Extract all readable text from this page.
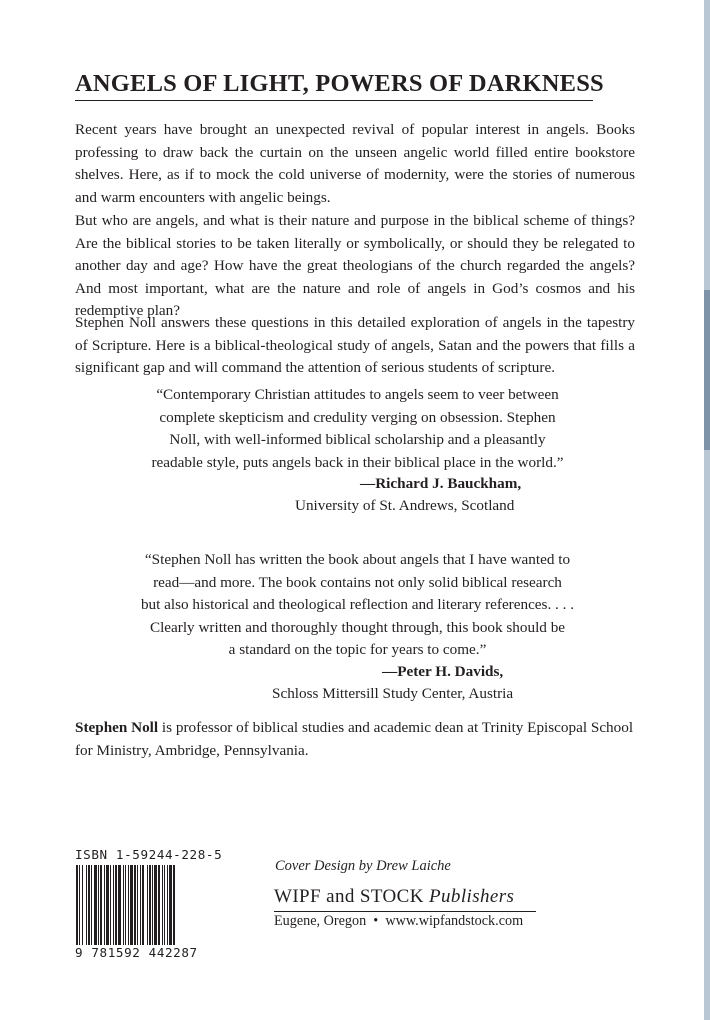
ANGELS OF LIGHT, POWERS OF DARKNESS
Recent years have brought an unexpected revival of popular interest in angels. Books professing to draw back the curtain on the unseen angelic world filled entire bookstore shelves. Here, as if to mock the cold universe of modernity, were the stories of numerous and warm encounters with angelic beings.
But who are angels, and what is their nature and purpose in the biblical scheme of things? Are the biblical stories to be taken literally or symbolically, or should they be relegated to another day and age? How have the great theologians of the church regarded the angels? And most important, what are the nature and role of angels in God’s cosmos and his redemptive plan?
Stephen Noll answers these questions in this detailed exploration of angels in the tapestry of Scripture. Here is a biblical-theological study of angels, Satan and the powers that fills a significant gap and will command the attention of serious students of scripture.
“Contemporary Christian attitudes to angels seem to veer between
complete skepticism and credulity verging on obsession. Stephen
Noll, with well-informed biblical scholarship and a pleasantly
readable style, puts angels back in their biblical place in the world.”
—Richard J. Bauckham,
University of St. Andrews, Scotland
“Stephen Noll has written the book about angels that I have wanted to
read—and more. The book contains not only solid biblical research
but also historical and theological reflection and literary references. . . .
Clearly written and thoroughly thought through, this book should be
a standard on the topic for years to come.”
—Peter H. Davids,
Schloss Mittersill Study Center, Austria
Stephen Noll is professor of biblical studies and academic dean at Trinity Episcopal School for Ministry, Ambridge, Pennsylvania.
ISBN 1-59244-228-5
9 781592 442287
Cover Design by Drew Laiche
WIPF and STOCK Publishers
Eugene, Oregon • www.wipfandstock.com
